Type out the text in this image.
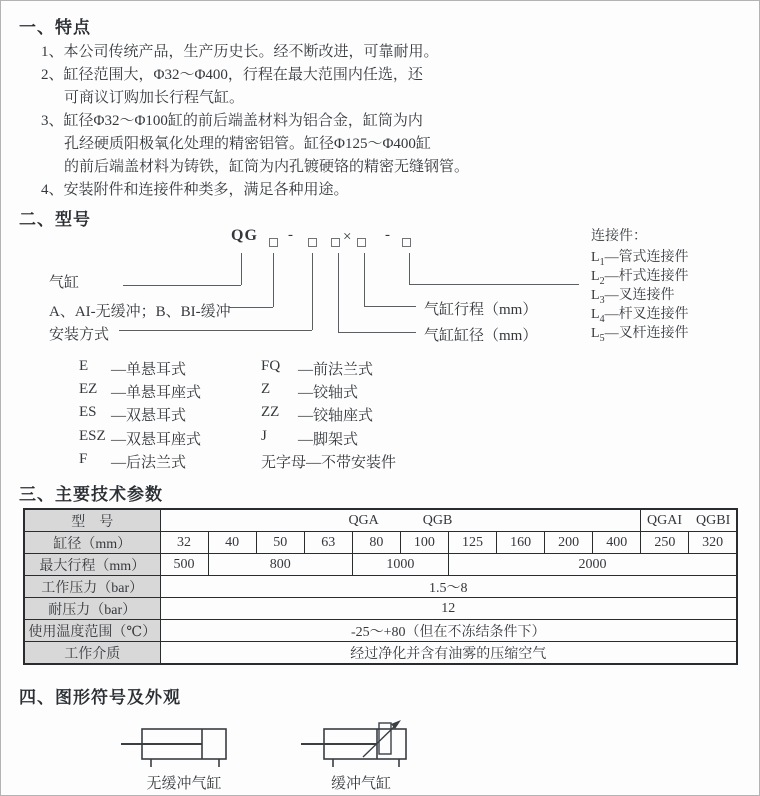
一、特点
1、本公司传统产品，生产历史长。经不断改进，可靠耐用。
2、缸径范围大，Φ32～Φ400，行程在最大范围内任选，还
可商议订购加长行程气缸。
3、缸径Φ32～Φ100缸的前后端盖材料为铝合金，缸筒为内
孔经硬质阳极氧化处理的精密铝管。缸径Φ125～Φ400缸
的前后端盖材料为铸铁，缸筒为内孔镀硬铬的精密无缝钢管。
4、安装附件和连接件种类多，满足各种用途。
二、型号
QG -	× -
气缸
A、AI-无缓冲；B、BI-缓冲
安装方式
气缸行程（mm）
气缸缸径（mm）
连接件：
$L_1—$管式连接件
$L_2—$杆式连接件
$L_3—$叉连接件
$L_4—$杆叉连接件
$L_5—$叉杆连接件
E —单悬耳式
EZ —单悬耳座式
ES —双悬耳式
ESZ —双悬耳座式
F —后法兰式
FQ —前法兰式
Z —铰轴式
ZZ —铰轴座式
J —脚架式
无字母—不带安装件
三、主要技术参数
型　号	QGA QGB										QGAI QGBI	
缸径（mm）	32	40	50	63	80	100	125	160	200	400	250	320
最大行程（mm）	500	800			1000		2000					
工作压力（bar）	1.5～8											
耐压力（bar）	12											
使用温度范围（℃）	-25～+80（但在不冻结条件下）											
工作介质	经过净化并含有油雾的压缩空气											
四、图形符号及外观
无缓冲气缸	缓冲气缸
